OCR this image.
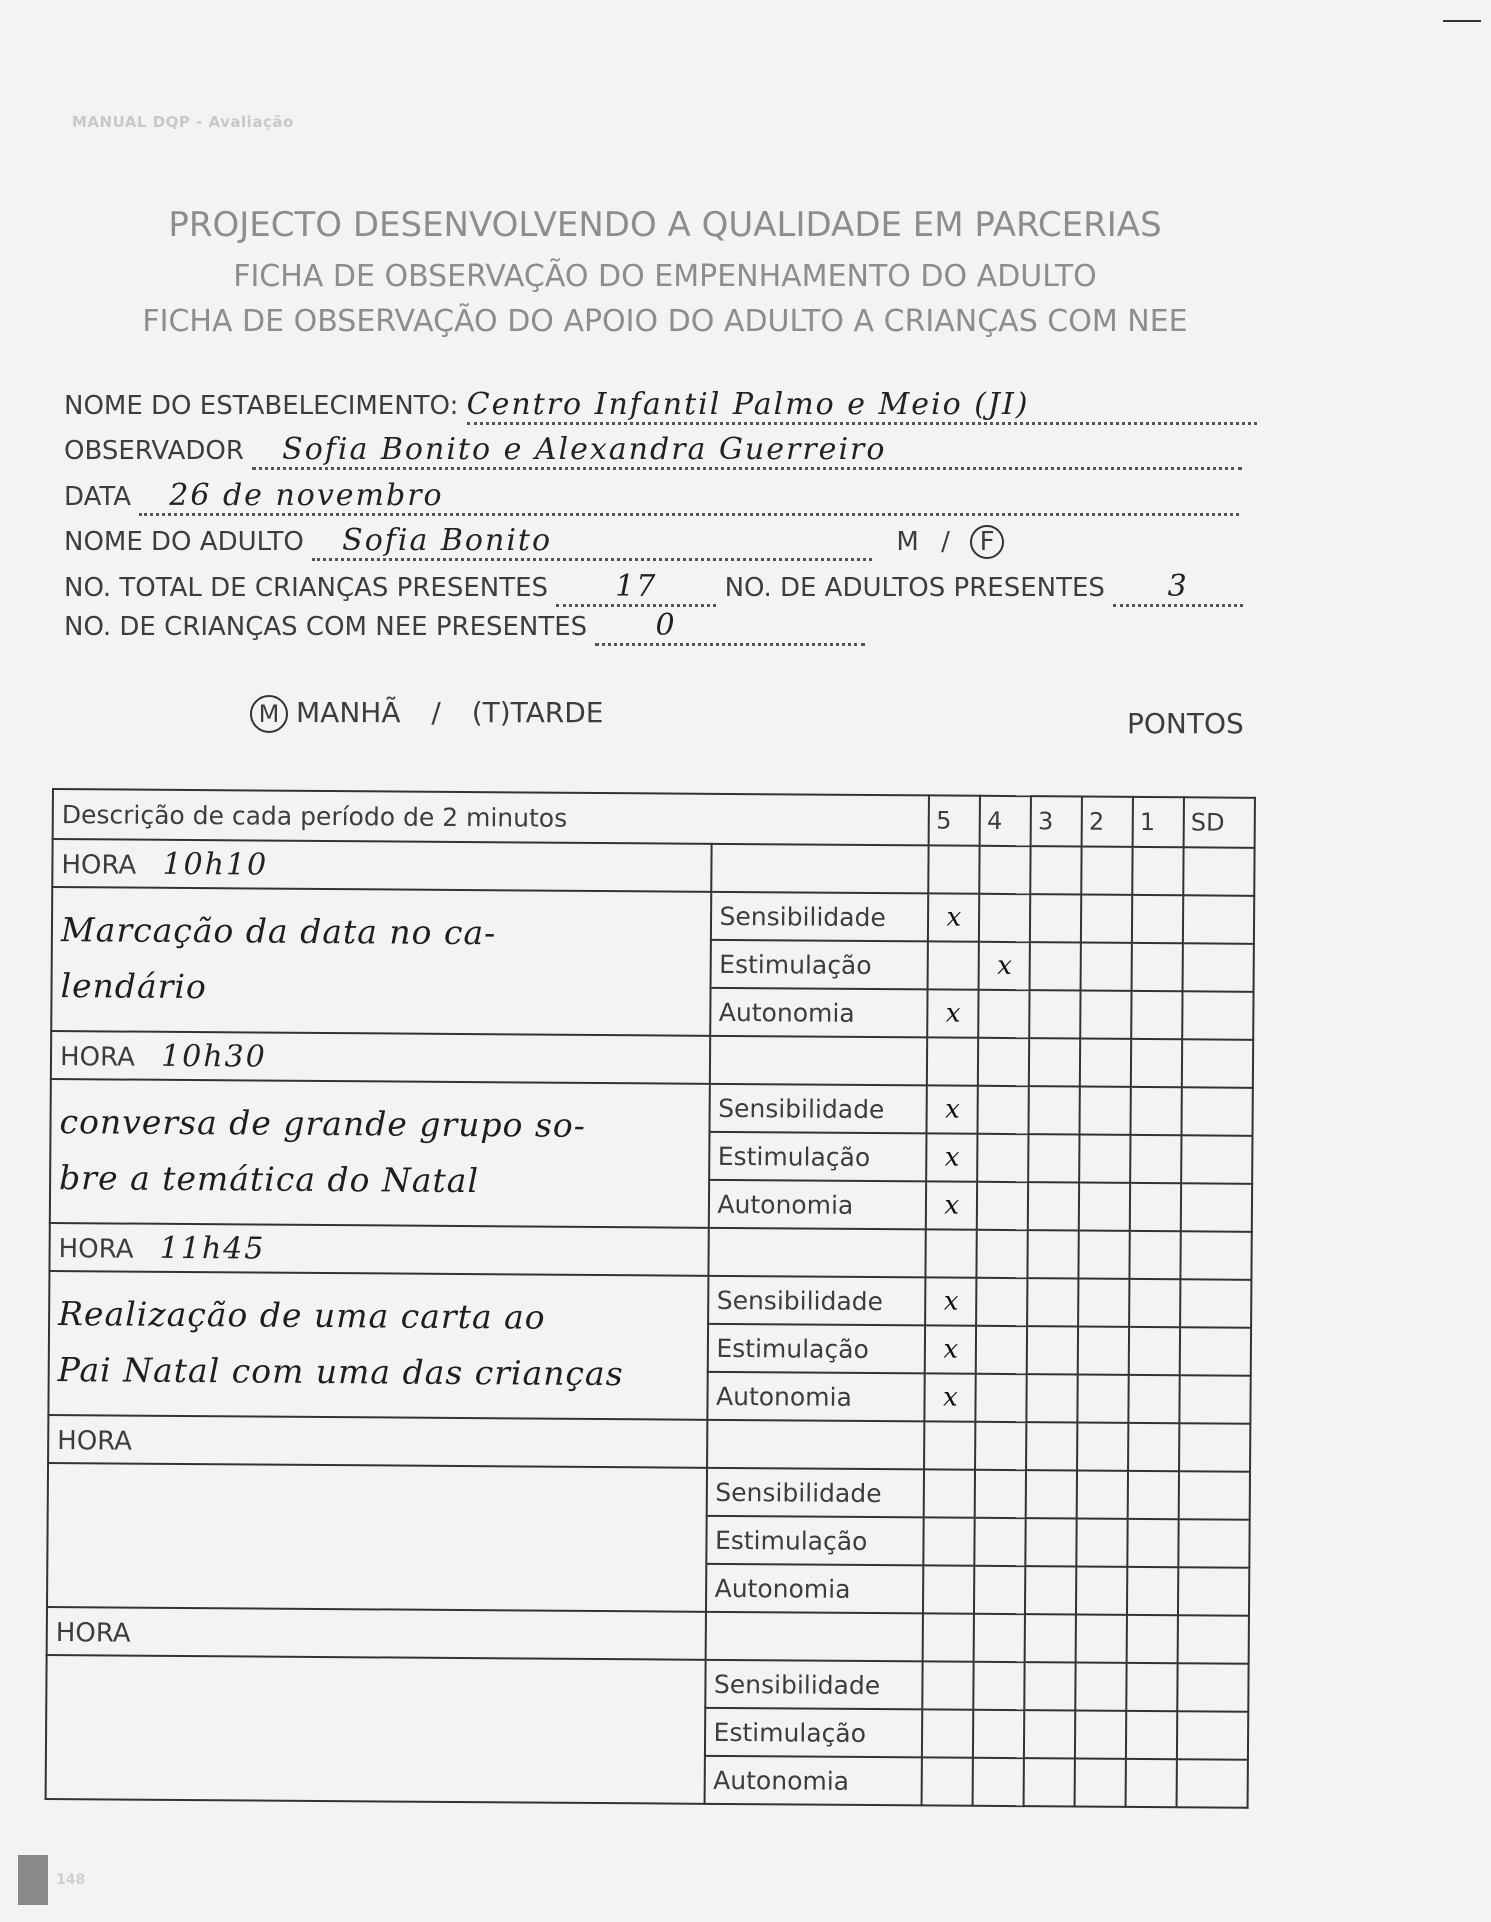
MANUAL DQP - Avaliação
PROJECTO DESENVOLVENDO A QUALIDADE EM PARCERIAS
FICHA DE OBSERVAÇÃO DO EMPENHAMENTO DO ADULTO
FICHA DE OBSERVAÇÃO DO APOIO DO ADULTO A CRIANÇAS COM NEE
NOME DO ESTABELECIMENTO: Centro Infantil Palmo e Meio (JI)
OBSERVADOR Sofia Bonito e Alexandra Guerreiro
DATA 26 de novembro
NOME DO ADULTO Sofia Bonito	M / F
NO. TOTAL DE CRIANÇAS PRESENTES 17	NO. DE ADULTOS PRESENTES 3
NO. DE CRIANÇAS COM NEE PRESENTES 0
M MANHÃ / (T)TARDE	PONTOS
Descrição de cada período de 2 minutos		5	4	3	2	1	SD
HORA 10h10							

Marcação da data no ca-
lendário	Sensibilidade	x					
	Estimulação		x				
	Autonomia	x					
HORA 10h30							

conversa de grande grupo so-
bre a temática do Natal	Sensibilidade	x					
	Estimulação	x					
	Autonomia	x					
HORA 11h45							

Realização de uma carta ao
Pai Natal com uma das crianças	Sensibilidade	x					
	Estimulação	x					
	Autonomia	x					
HORA							

	Sensibilidade						
	Estimulação						
	Autonomia						
HORA							

	Sensibilidade						
	Estimulação						
	Autonomia						
148
